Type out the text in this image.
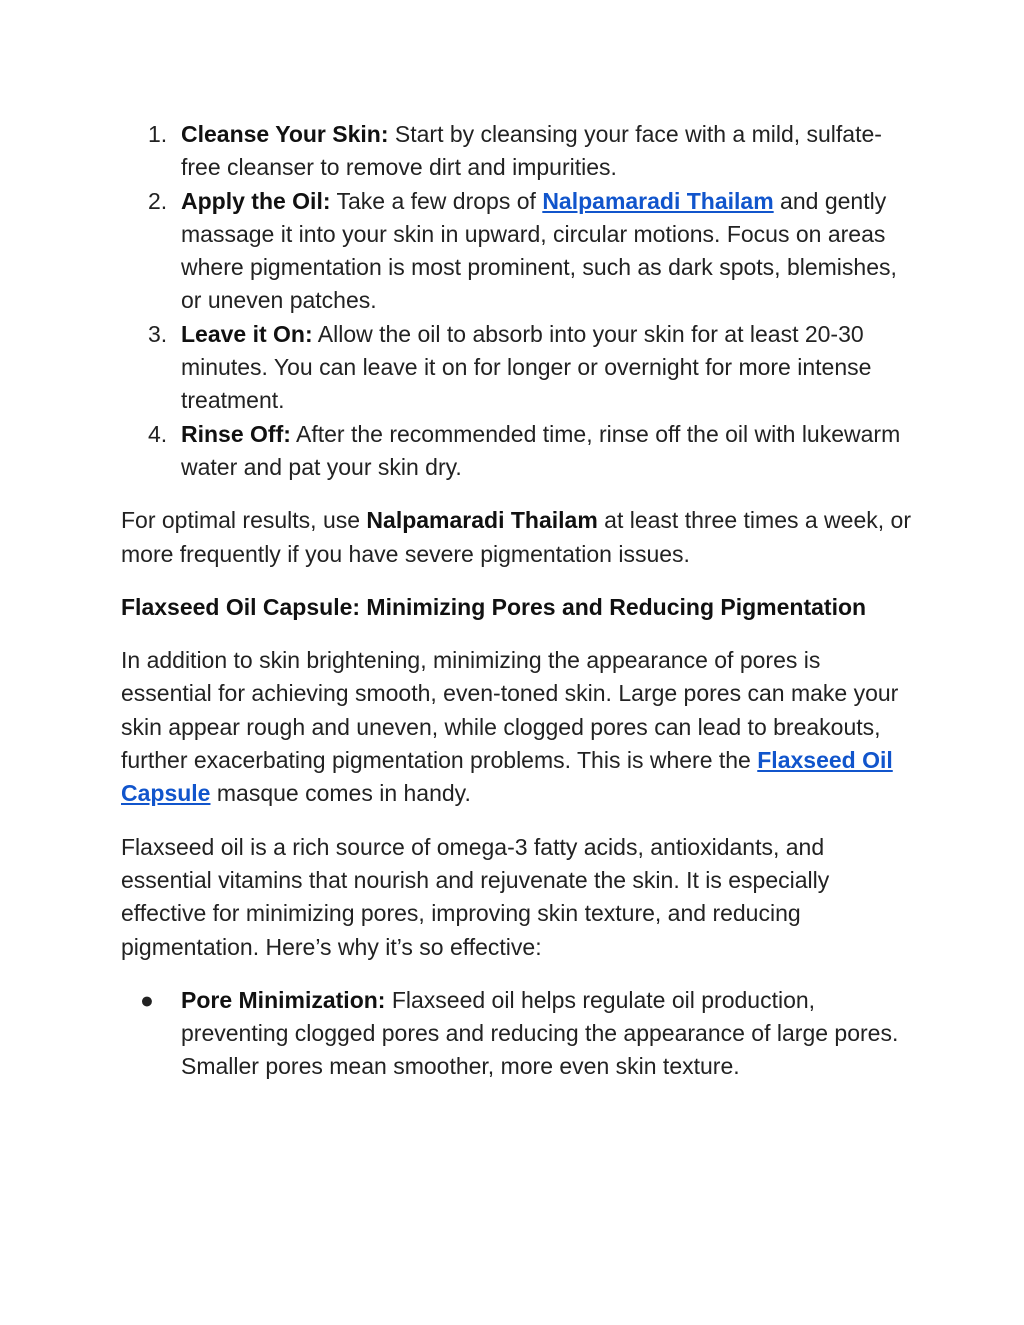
1. Cleanse Your Skin: Start by cleansing your face with a mild, sulfate-free cleanser to remove dirt and impurities.
2. Apply the Oil: Take a few drops of Nalpamaradi Thailam and gently massage it into your skin in upward, circular motions. Focus on areas where pigmentation is most prominent, such as dark spots, blemishes, or uneven patches.
3. Leave it On: Allow the oil to absorb into your skin for at least 20-30 minutes. You can leave it on for longer or overnight for more intense treatment.
4. Rinse Off: After the recommended time, rinse off the oil with lukewarm water and pat your skin dry.

For optimal results, use Nalpamaradi Thailam at least three times a week, or more frequently if you have severe pigmentation issues.

Flaxseed Oil Capsule: Minimizing Pores and Reducing Pigmentation

In addition to skin brightening, minimizing the appearance of pores is essential for achieving smooth, even-toned skin. Large pores can make your skin appear rough and uneven, while clogged pores can lead to breakouts, further exacerbating pigmentation problems. This is where the Flaxseed Oil Capsule masque comes in handy.

Flaxseed oil is a rich source of omega-3 fatty acids, antioxidants, and essential vitamins that nourish and rejuvenate the skin. It is especially effective for minimizing pores, improving skin texture, and reducing pigmentation. Here’s why it’s so effective:

● Pore Minimization: Flaxseed oil helps regulate oil production, preventing clogged pores and reducing the appearance of large pores. Smaller pores mean smoother, more even skin texture.
